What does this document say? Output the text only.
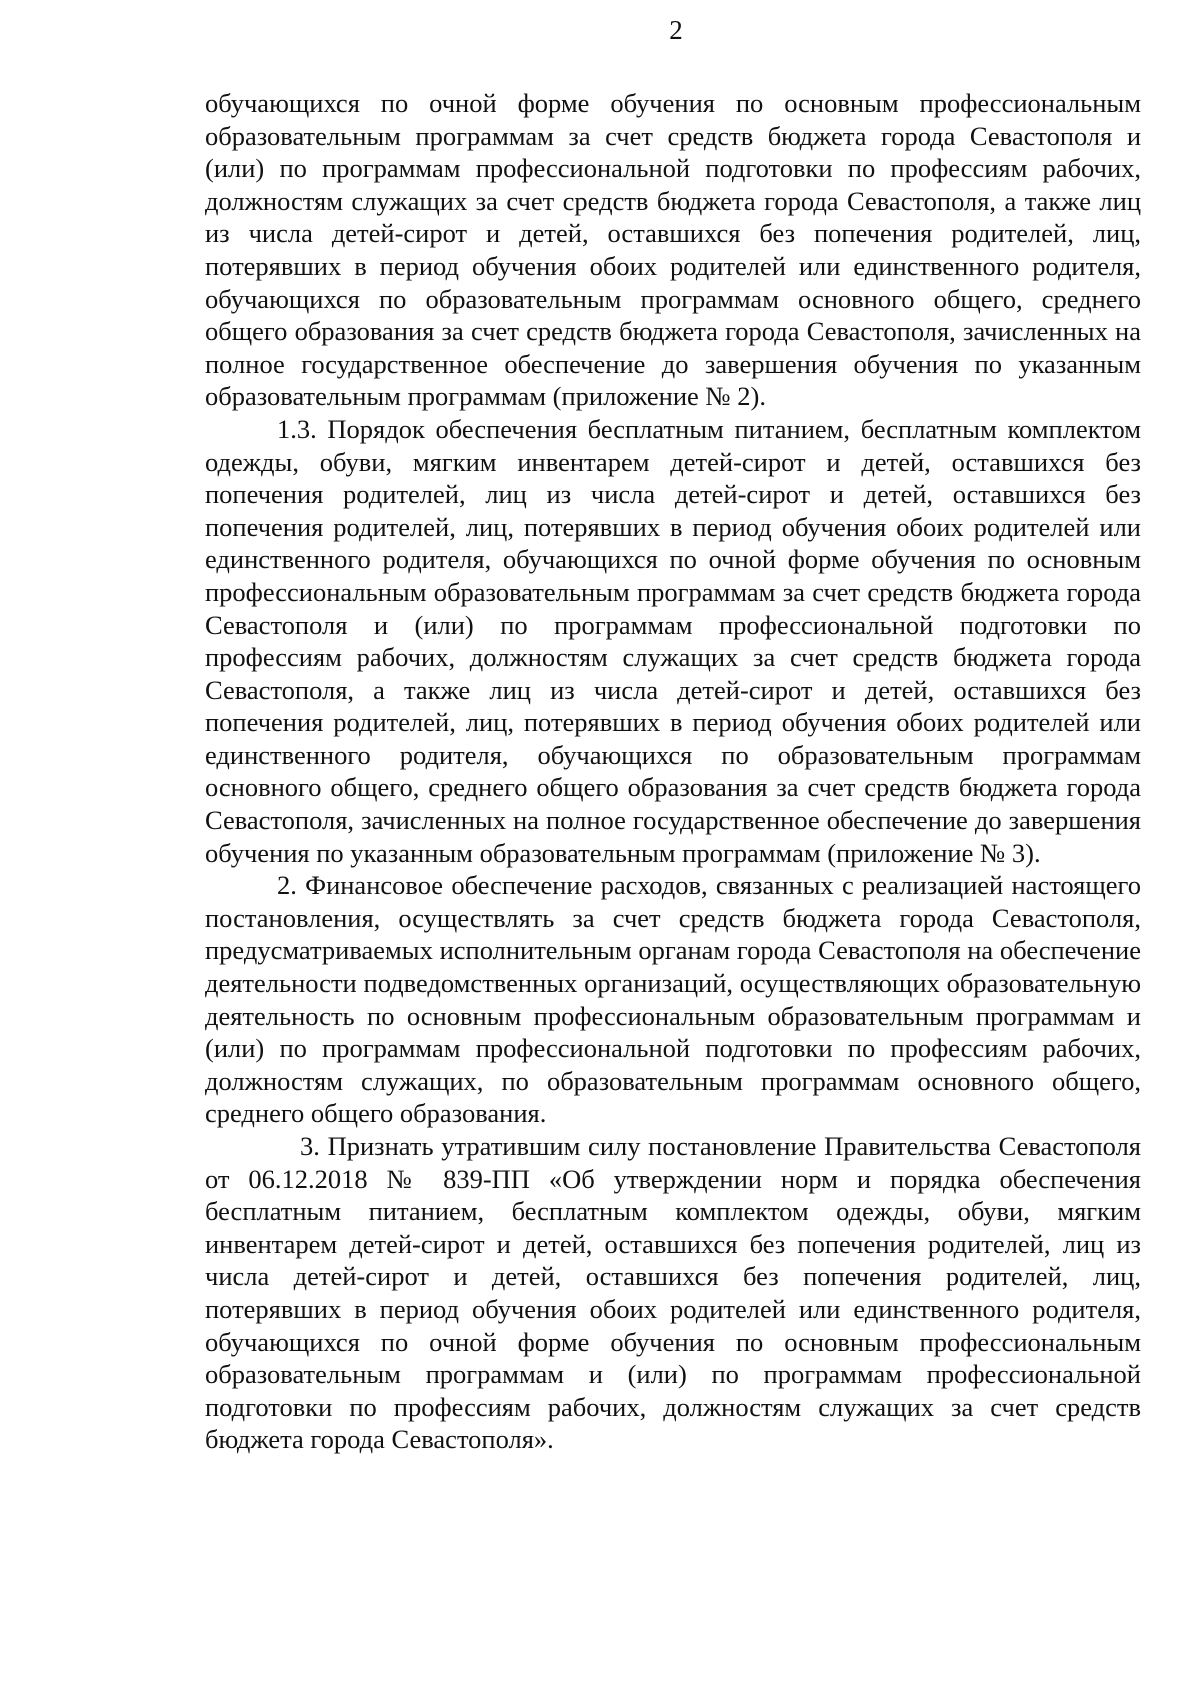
2

обучающихся по очной форме обучения по основным профессиональным образовательным программам за счет средств бюджета города Севастополя и (или) по программам профессиональной подготовки по профессиям рабочих, должностям служащих за счет средств бюджета города Севастополя, а также лиц из числа детей-сирот и детей, оставшихся без попечения родителей, лиц, потерявших в период обучения обоих родителей или единственного родителя, обучающихся по образовательным программам основного общего, среднего общего образования за счет средств бюджета города Севастополя, зачисленных на полное государственное обеспечение до завершения обучения по указанным образовательным программам (приложение № 2).

1.3. Порядок обеспечения бесплатным питанием, бесплатным комплектом одежды, обуви, мягким инвентарем детей-сирот и детей, оставшихся без попечения родителей, лиц из числа детей-сирот и детей, оставшихся без попечения родителей, лиц, потерявших в период обучения обоих родителей или единственного родителя, обучающихся по очной форме обучения по основным профессиональным образовательным программам за счет средств бюджета города Севастополя и (или) по программам профессиональной подготовки по профессиям рабочих, должностям служащих за счет средств бюджета города Севастополя, а также лиц из числа детей-сирот и детей, оставшихся без попечения родителей, лиц, потерявших в период обучения обоих родителей или единственного родителя, обучающихся по образовательным программам основного общего, среднего общего образования за счет средств бюджета города Севастополя, зачисленных на полное государственное обеспечение до завершения обучения по указанным образовательным программам (приложение № 3).

2. Финансовое обеспечение расходов, связанных с реализацией настоящего постановления, осуществлять за счет средств бюджета города Севастополя, предусматриваемых исполнительным органам города Севастополя на обеспечение деятельности подведомственных организаций, осуществляющих образовательную деятельность по основным профессиональным образовательным программам и (или) по программам профессиональной подготовки по профессиям рабочих, должностям служащих, по образовательным программам основного общего, среднего общего образования.

3. Признать утратившим силу постановление Правительства Севастополя от 06.12.2018 № 839-ПП «Об утверждении норм и порядка обеспечения бесплатным питанием, бесплатным комплектом одежды, обуви, мягким инвентарем детей-сирот и детей, оставшихся без попечения родителей, лиц из числа детей-сирот и детей, оставшихся без попечения родителей, лиц, потерявших в период обучения обоих родителей или единственного родителя, обучающихся по очной форме обучения по основным профессиональным образовательным программам и (или) по программам профессиональной подготовки по профессиям рабочих, должностям служащих за счет средств бюджета города Севастополя».
